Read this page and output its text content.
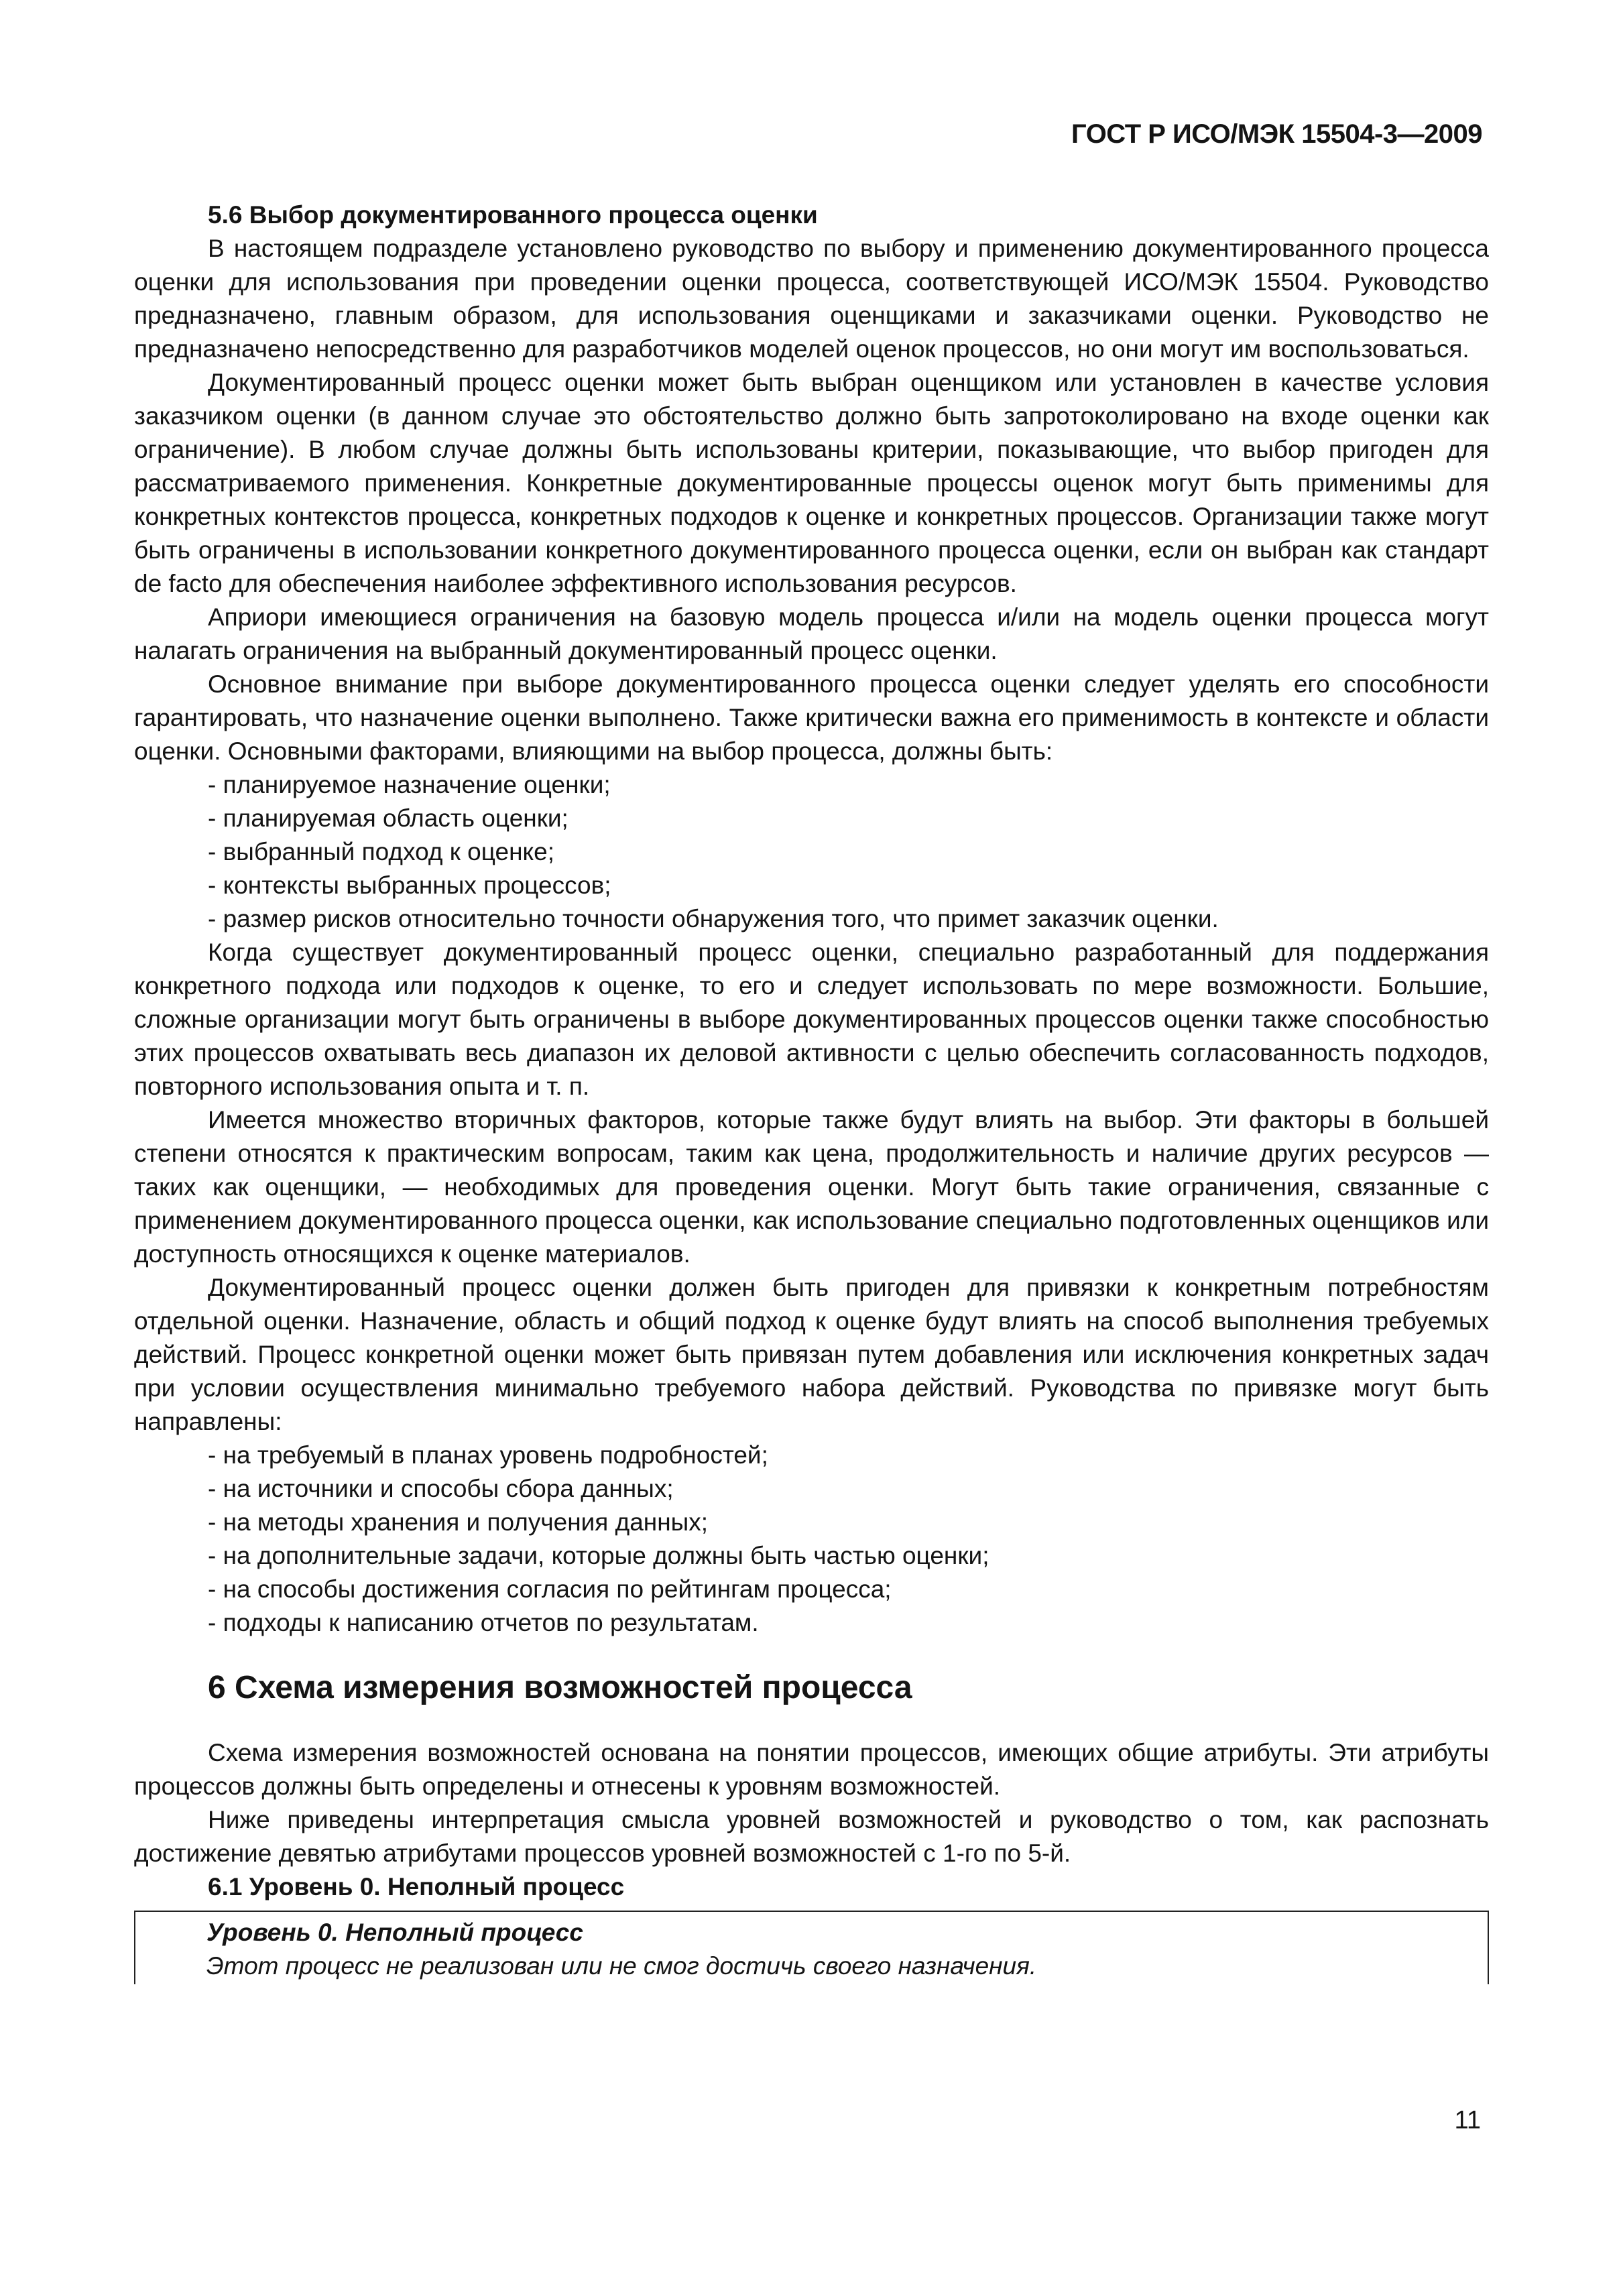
ГОСТ Р ИСО/МЭК 15504-3—2009
5.6 Выбор документированного процесса оценки

В настоящем подразделе установлено руководство по выбору и применению документированного процесса оценки для использования при проведении оценки процесса, соответствующей ИСО/МЭК 15504. Руководство предназначено, главным образом, для использования оценщиками и заказчиками оценки. Руководство не предназначено непосредственно для разработчиков моделей оценок процессов, но они могут им воспользоваться.

Документированный процесс оценки может быть выбран оценщиком или установлен в качестве условия заказчиком оценки (в данном случае это обстоятельство должно быть запротоколировано на входе оценки как ограничение). В любом случае должны быть использованы критерии, показывающие, что выбор пригоден для рассматриваемого применения. Конкретные документированные процессы оценок могут быть применимы для конкретных контекстов процесса, конкретных подходов к оценке и конкретных процессов. Организации также могут быть ограничены в использовании конкретного документированного процесса оценки, если он выбран как стандарт de facto для обеспечения наиболее эффективного использования ресурсов.

Априори имеющиеся ограничения на базовую модель процесса и/или на модель оценки процесса могут налагать ограничения на выбранный документированный процесс оценки.

Основное внимание при выборе документированного процесса оценки следует уделять его способности гарантировать, что назначение оценки выполнено. Также критически важна его применимость в контексте и области оценки. Основными факторами, влияющими на выбор процесса, должны быть:

- планируемое назначение оценки;
- планируемая область оценки;
- выбранный подход к оценке;
- контексты выбранных процессов;
- размер рисков относительно точности обнаружения того, что примет заказчик оценки.

Когда существует документированный процесс оценки, специально разработанный для поддержания конкретного подхода или подходов к оценке, то его и следует использовать по мере возможности. Большие, сложные организации могут быть ограничены в выборе документированных процессов оценки также способностью этих процессов охватывать весь диапазон их деловой активности с целью обеспечить согласованность подходов, повторного использования опыта и т. п.

Имеется множество вторичных факторов, которые также будут влиять на выбор. Эти факторы в большей степени относятся к практическим вопросам, таким как цена, продолжительность и наличие других ресурсов — таких как оценщики, — необходимых для проведения оценки. Могут быть такие ограничения, связанные с применением документированного процесса оценки, как использование специально подготовленных оценщиков или доступность относящихся к оценке материалов.

Документированный процесс оценки должен быть пригоден для привязки к конкретным потребностям отдельной оценки. Назначение, область и общий подход к оценке будут влиять на способ выполнения требуемых действий. Процесс конкретной оценки может быть привязан путем добавления или исключения конкретных задач при условии осуществления минимально требуемого набора действий. Руководства по привязке могут быть направлены:

- на требуемый в планах уровень подробностей;
- на источники и способы сбора данных;
- на методы хранения и получения данных;
- на дополнительные задачи, которые должны быть частью оценки;
- на способы достижения согласия по рейтингам процесса;
- подходы к написанию отчетов по результатам.
6 Схема измерения возможностей процесса

Схема измерения возможностей основана на понятии процессов, имеющих общие атрибуты. Эти атрибуты процессов должны быть определены и отнесены к уровням возможностей.

Ниже приведены интерпретация смысла уровней возможностей и руководство о том, как распознать достижение девятью атрибутами процессов уровней возможностей с 1-го по 5-й.

6.1 Уровень 0. Неполный процесс
Уровень 0. Неполный процесс
Этот процесс не реализован или не смог достичь своего назначения.
11
